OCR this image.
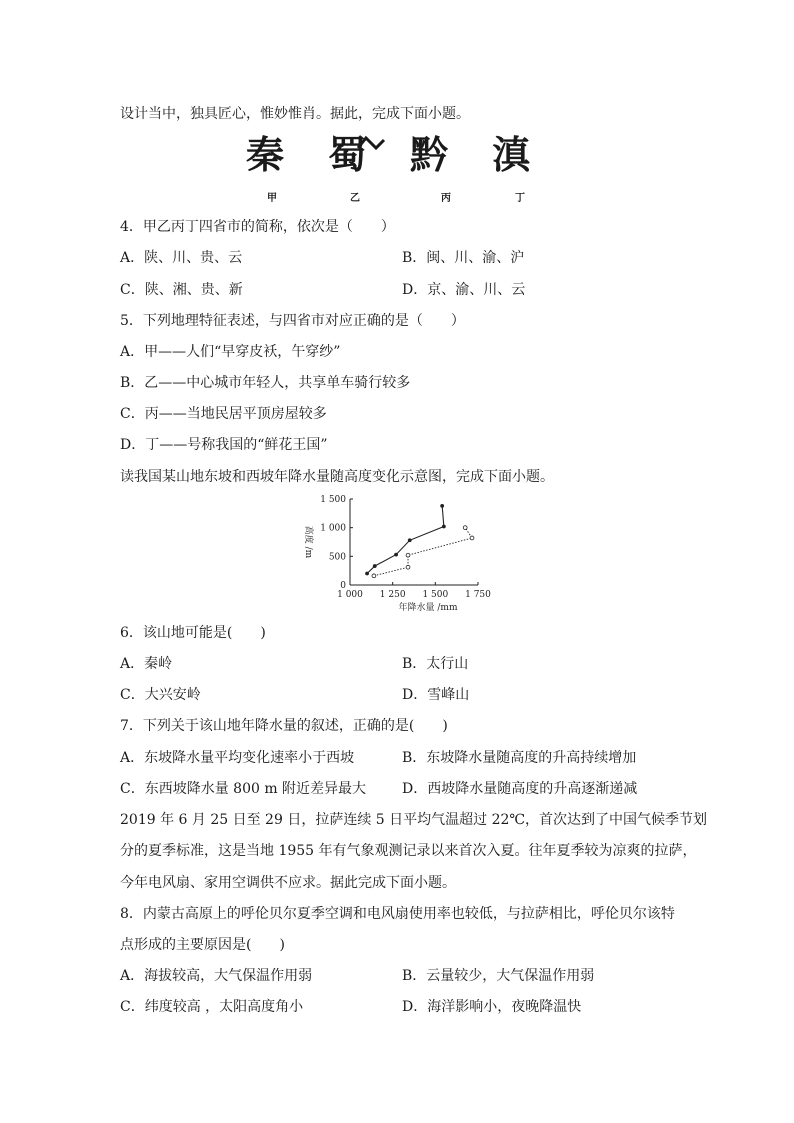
设计当中，独具匠心，惟妙惟肖。据此，完成下面小题。
秦 蜀 黔 滇
甲	乙	丙	丁
4．甲乙丙丁四省市的简称，依次是（　　）
A．陕、川、贵、云	B．闽、川、渝、沪
C．陕、湘、贵、新	D．京、渝、川、云
5．下列地理特征表述，与四省市对应正确的是（　　）
A．甲——人们“早穿皮袄，午穿纱”
B．乙——中心城市年轻人，共享单车骑行较多
C．丙——当地民居平顶房屋较多
D．丁——号称我国的“鲜花王国”
读我国某山地东坡和西坡年降水量随高度变化示意图，完成下面小题。
1 000 1 250 1 500 1 750
0
500
1 000
1 500
年降水量 /mm
高度 /m
6．该山地可能是(　　)
A．秦岭	B．太行山
C．大兴安岭	D．雪峰山
7．下列关于该山地年降水量的叙述，正确的是(　　)
A．东坡降水量平均变化速率小于西坡	B．东坡降水量随高度的升高持续增加
C．东西坡降水量 800 m 附近差异最大	D．西坡降水量随高度的升高逐渐递减
2019 年 6 月 25 日至 29 日，拉萨连续 5 日平均气温超过 22℃，首次达到了中国气候季节划
分的夏季标准，这是当地 1955 年有气象观测记录以来首次入夏。往年夏季较为凉爽的拉萨，
今年电风扇、家用空调供不应求。据此完成下面小题。
8．内蒙古高原上的呼伦贝尔夏季空调和电风扇使用率也较低，与拉萨相比，呼伦贝尔该特
点形成的主要原因是(　　)
A．海拔较高，大气保温作用弱	B．云量较少，大气保温作用弱
C．纬度较高 ，太阳高度角小	D．海洋影响小，夜晚降温快
